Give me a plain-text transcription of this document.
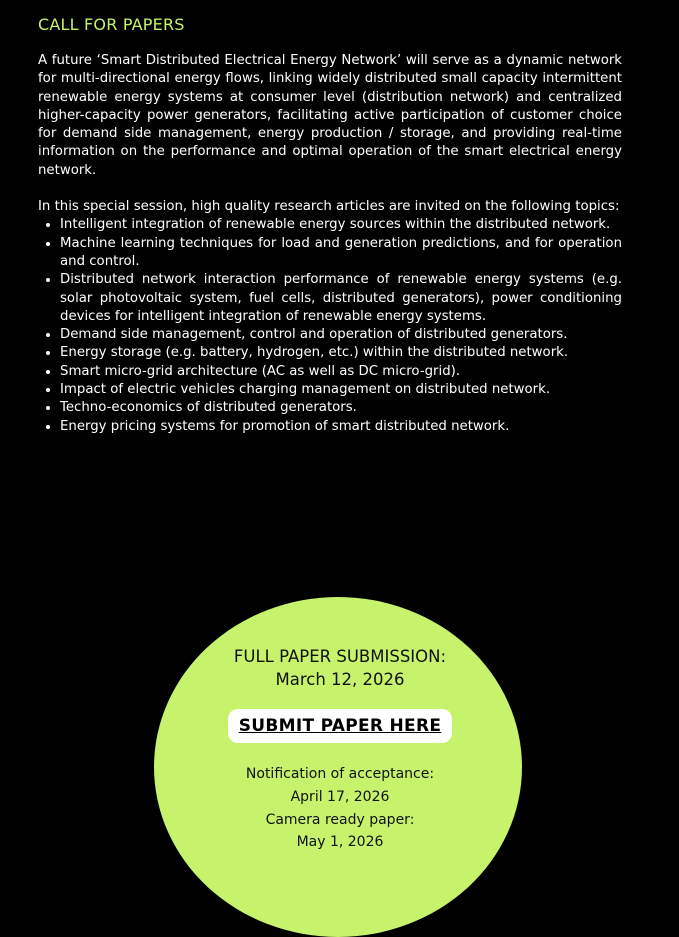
CALL FOR PAPERS

A future ‘Smart Distributed Electrical Energy Network’ will serve as a dynamic network for multi-directional energy flows, linking widely distributed small capacity intermittent renewable energy systems at consumer level (distribution network) and centralized higher-capacity power generators, facilitating active participation of customer choice for demand side management, energy production / storage, and providing real-time information on the performance and optimal operation of the smart electrical energy network.

In this special session, high quality research articles are invited on the following topics:

• Intelligent integration of renewable energy sources within the distributed network.
• Machine learning techniques for load and generation predictions, and for operation and control.
• Distributed network interaction performance of renewable energy systems (e.g. solar photovoltaic system, fuel cells, distributed generators), power conditioning devices for intelligent integration of renewable energy systems.
• Demand side management, control and operation of distributed generators.
• Energy storage (e.g. battery, hydrogen, etc.) within the distributed network.
• Smart micro-grid architecture (AC as well as DC micro-grid).
• Impact of electric vehicles charging management on distributed network.
• Techno-economics of distributed generators.
• Energy pricing systems for promotion of smart distributed network.
FULL PAPER SUBMISSION:
March 12, 2026
SUBMIT PAPER HERE
Notification of acceptance:
April 17, 2026
Camera ready paper:
May 1, 2026
